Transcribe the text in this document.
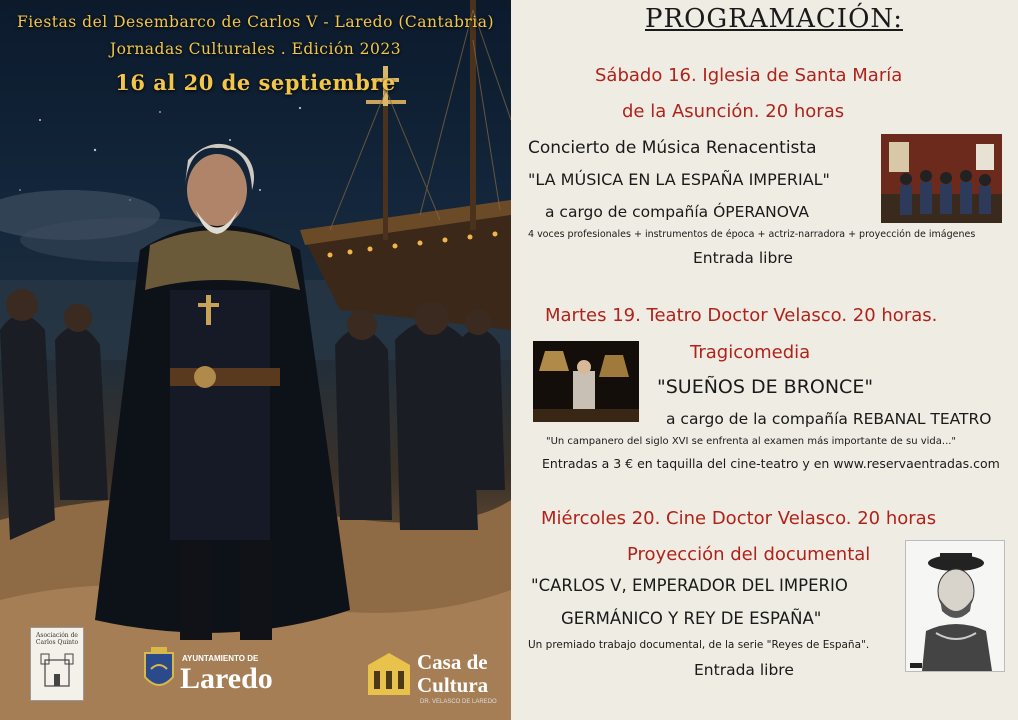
Fiestas del Desembarco de Carlos V - Laredo (Cantabria)
Jornadas Culturales . Edición 2023
16 al 20 de septiembre
Asociación de Carlos Quinto
AYUNTAMIENTO DE
Laredo	Casa de
Cultura
DR. VELASCO DE LAREDO
PROGRAMACIÓN:
Sábado 16. Iglesia de Santa María
de la Asunción. 20 horas
Concierto de Música Renacentista
"LA MÚSICA EN LA ESPAÑA IMPERIAL"
a cargo de compañía ÓPERANOVA
4 voces profesionales + instrumentos de época + actriz-narradora + proyección de imágenes
Entrada libre
Martes 19. Teatro Doctor Velasco. 20 horas.
Tragicomedia
"SUEÑOS DE BRONCE"
a cargo de la compañía REBANAL TEATRO
"Un campanero del siglo XVI se enfrenta al examen más importante de su vida..."
Entradas a 3 € en taquilla del cine-teatro y en www.reservaentradas.com
Miércoles 20. Cine Doctor Velasco. 20 horas
Proyección del documental
"CARLOS V, EMPERADOR DEL IMPERIO
GERMÁNICO Y REY DE ESPAÑA"
Un premiado trabajo documental, de la serie "Reyes de España".
Entrada libre
